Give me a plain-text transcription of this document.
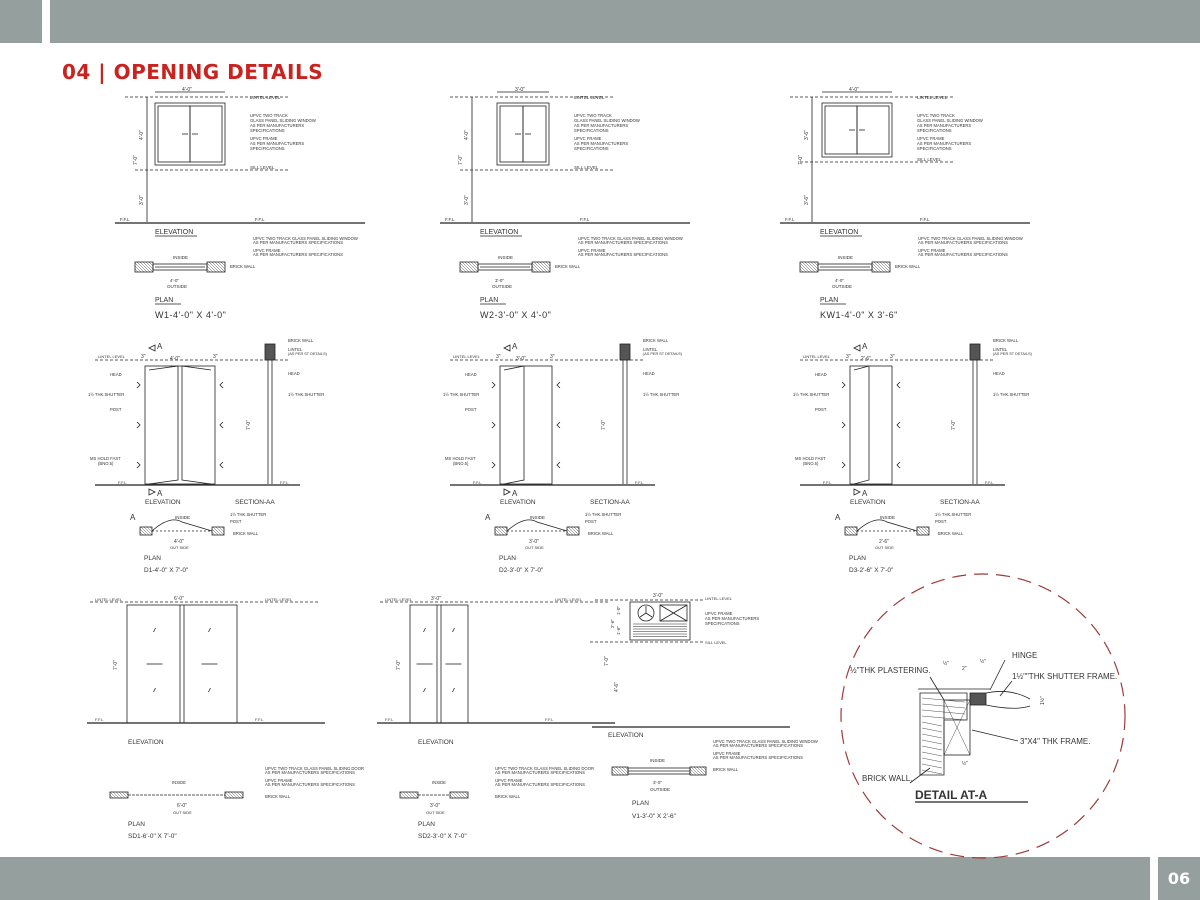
06
04 | OPENING DETAILS
LINTEL LEVEL
4'-0"
SILL LEVEL
4'-0"
7'-0"
3'-0"
UPVC TWO TRACK
GLASS PANEL SLIDING WINDOW
AS PER MANUFACTURERS
SPECIFICATIONS
UPVC FRAME
AS PER MANUFACTURERS
SPECIFICATIONS
F.F.L	F.F.L
ELEVATION
INSIDE
4'-0"
OUTSIDE
UPVC TWO TRACK GLASS PANEL SLIDING WINDOW
AS PER MANUFACTURERS SPECIFICATIONS
UPVC FRAME
AS PER MANUFACTURERS SPECIFICATIONS
BRICK WALL
PLAN
W1-4'-0" X 4'-0"
LINTEL LEVEL
3'-0"
SILL LEVEL
4'-0"
7'-0"
3'-0"
UPVC TWO TRACK
GLASS PANEL SLIDING WINDOW
AS PER MANUFACTURERS
SPECIFICATIONS
UPVC FRAME
AS PER MANUFACTURERS
SPECIFICATIONS
F.F.L	F.F.L
ELEVATION
INSIDE
3'-0"
OUTSIDE
UPVC TWO TRACK GLASS PANEL SLIDING WINDOW
AS PER MANUFACTURERS SPECIFICATIONS
UPVC FRAME
AS PER MANUFACTURERS SPECIFICATIONS
BRICK WALL
PLAN
W2-3'-0" X 4'-0"
LINTEL LEVEL
4'-0"
SILL LEVEL
3'-6"
7'-0"
3'-6"
UPVC TWO TRACK
GLASS PANEL SLIDING WINDOW
AS PER MANUFACTURERS
SPECIFICATIONS
UPVC FRAME
AS PER MANUFACTURERS
SPECIFICATIONS
F.F.L	F.F.L
ELEVATION
INSIDE
4'-0"
OUTSIDE
UPVC TWO TRACK GLASS PANEL SLIDING WINDOW
AS PER MANUFACTURERS SPECIFICATIONS
UPVC FRAME
AS PER MANUFACTURERS SPECIFICATIONS
BRICK WALL
PLAN
KW1-4'-0" X 3'-6"
LINTEL LEVEL
A
3"	3"
4'-0"
HEAD
1½ THK.SHUTTER
POST
MS HOLD FAST
(BNO.5)
F.F.L	F.F.L
A
ELEVATION
BRICK WALL
LINTEL
(AS PER ST DETAILS)
HEAD
1½ THK.SHUTTER
7'-0"
SECTION-AA
A	INSIDE
1½ THK.SHUTTER
POST
BRICK WALL
4'-0"
OUT SIDE
PLAN
D1-4'-0" X 7'-0"
LINTEL LEVEL
A
3"	3"
3'-0"
HEAD
1½ THK.SHUTTER
POST
MS HOLD FAST
(BNO.5)
F.F.L	F.F.L
A
ELEVATION
BRICK WALL
LINTEL
(AS PER ST DETAILS)
HEAD
1½ THK.SHUTTER
7'-0"
SECTION-AA
A	INSIDE
1½ THK.SHUTTER
POST
BRICK WALL
3'-0"
OUT SIDE
PLAN
D2-3'-0" X 7'-0"
LINTEL LEVEL
A
3"	3"
2'-6"
HEAD
1½ THK.SHUTTER
POST
MS HOLD FAST
(BNO.5)
F.F.L	F.F.L
A
ELEVATION
BRICK WALL
LINTEL
(AS PER ST DETAILS)
HEAD
1½ THK.SHUTTER
7'-0"
SECTION-AA
A	INSIDE
1½ THK.SHUTTER
POST
BRICK WALL
2'-6"
OUT SIDE
PLAN
D3-2'-6" X 7'-0"
LINTEL LEVEL	LINTEL LEVEL
6'-0"
7'-0"
F.F.L	F.F.L
ELEVATION
INSIDE
UPVC TWO TRACK GLASS PANEL SLIDING DOOR
AS PER MANUFACTURERS SPECIFICATIONS
UPVC FRAME
AS PER MANUFACTURERS SPECIFICATIONS
BRICK WALL
6'-0"
OUT SIDE
PLAN
SD1-6'-0" X 7'-0"
LINTEL LEVEL	LINTEL LEVEL
3'-0"
7'-0"
F.F.L	F.F.L
ELEVATION
INSIDE
UPVC TWO TRACK GLASS PANEL SLIDING DOOR
AS PER MANUFACTURERS SPECIFICATIONS
UPVC FRAME
AS PER MANUFACTURERS SPECIFICATIONS
BRICK WALL
3'-0"
OUT SIDE
PLAN
SD2-3'-0" X 7'-0"
LINTEL LEVEL
3'-0"
SILL LEVEL
UPVC FRAME
AS PER MANUFACTURERS
SPECIFICATIONS
1'-0"
1'-6"
2'-6"
4'-6"
7'-0"
ELEVATION
INSIDE
3'-0"
OUTSIDE
UPVC TWO TRACK GLASS PANEL SLIDING WINDOW
AS PER MANUFACTURERS SPECIFICATIONS
UPVC FRAME
AS PER MANUFACTURERS SPECIFICATIONS
BRICK WALL
PLAN
V1-3'-0" X 2'-6"
HINGE
½"THK PLASTERING.
1½""THK SHUTTER FRAME.
3"X4" THK FRAME.
BRICK WALL.
½"
2"
½"
½"
1½"
DETAIL AT-A
